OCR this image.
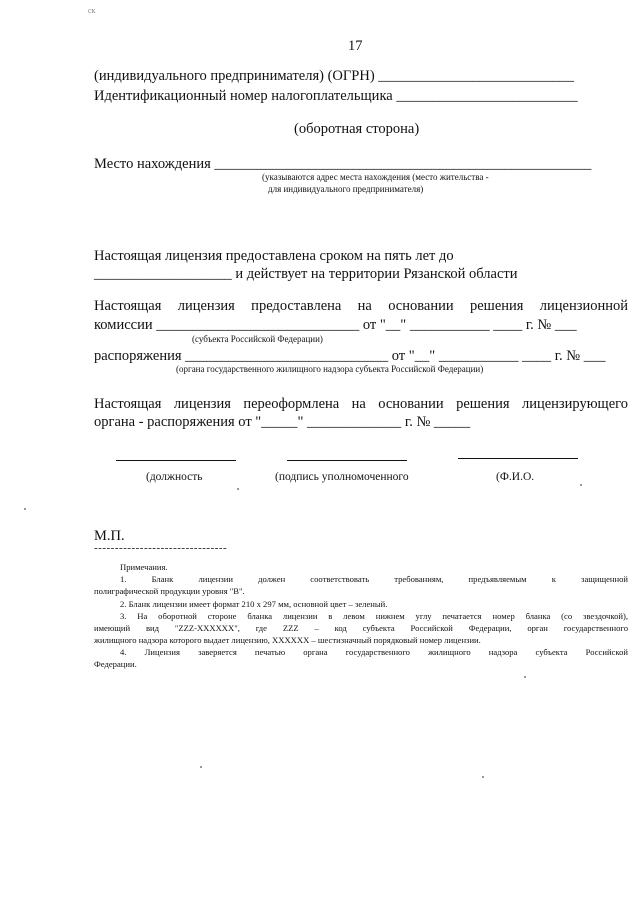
ск
17
(индивидуального предпринимателя) (ОГРН) ___________________________
Идентификационный номер налогоплательщика _________________________
(оборотная сторона)
Место нахождения ____________________________________________________
(указываются адрес места нахождения (место жительства -
для индивидуального предпринимателя)
Настоящая лицензия предоставлена сроком на пять лет до
___________________ и действует на территории Рязанской области
Настоящая лицензия предоставлена на основании решения лицензионной
комиссии ____________________________ от "__" ___________ ____ г. № ___
(субъекта Российской Федерации)
распоряжения ____________________________ от "__" ___________ ____ г. № ___
(органа государственного жилищного надзора субъекта Российской Федерации)
Настоящая лицензия переоформлена на основании решения лицензирующего
органа - распоряжения от "_____" _____________ г. № _____
(должность	(подпись уполномоченного	(Ф.И.О.
М.П.
--------------------------------
Примечания.
1. Бланк лицензии должен соответствовать требованиям, предъявляемым к защищенной
полиграфической продукции уровня "В".
2. Бланк лицензии имеет формат 210 x 297 мм, основной цвет – зеленый.
3. На оборотной стороне бланка лицензии в левом нижнем углу печатается номер бланка (со звездочкой),
имеющий вид "ZZZ-XXXXXX", где ZZZ – код субъекта Российской Федерации, орган государственного
жилищного надзора которого выдает лицензию, XXXXXX – шестизначный порядковый номер лицензии.
4. Лицензия заверяется печатью органа государственного жилищного надзора субъекта Российской
Федерации.
